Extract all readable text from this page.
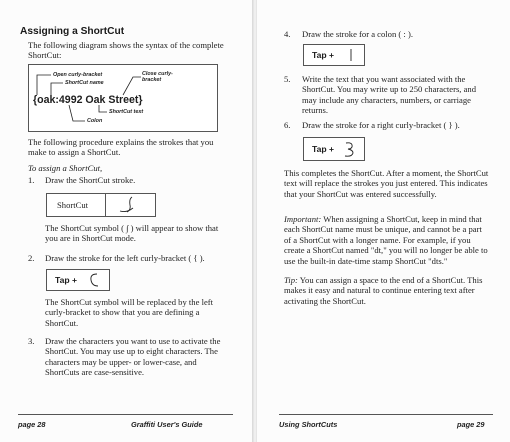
Assigning a ShortCut
The following diagram shows the syntax of the complete ShortCut:
Open curly-bracket	Close curly-bracket
ShortCut name
{oak:4992 Oak Street}
ShortCut text
Colon
The following procedure explains the strokes that you make to assign a ShortCut.
To assign a ShortCut,
1. Draw the ShortCut stroke.
ShortCut
The ShortCut symbol ( ∫ ) will appear to show that you are in ShortCut mode.
2. Draw the stroke for the left curly-bracket ( { ).
Tap +
The ShortCut symbol will be replaced by the left curly-bracket to show that you are defining a ShortCut.
3. Draw the characters you want to use to activate the ShortCut. You may use up to eight characters. The characters may be upper- or lower-case, and ShortCuts are case-sensitive.
page 28	Graffiti User's Guide
4. Draw the stroke for a colon ( : ).
Tap +
5. Write the text that you want associated with the ShortCut. You may write up to 250 characters, and may include any characters, numbers, or carriage returns.
6. Draw the stroke for a right curly-bracket ( } ).
Tap +
This completes the ShortCut. After a moment, the ShortCut text will replace the strokes you just entered. This indicates that your ShortCut was entered successfully.
Important: When assigning a ShortCut, keep in mind that each ShortCut name must be unique, and cannot be a part of a ShortCut with a longer name. For example, if you create a ShortCut named "dt," you will no longer be able to use the built-in date-time stamp ShortCut "dts."
Tip: You can assign a space to the end of a ShortCut. This makes it easy and natural to continue entering text after activating the ShortCut.
Using ShortCuts	page 29
